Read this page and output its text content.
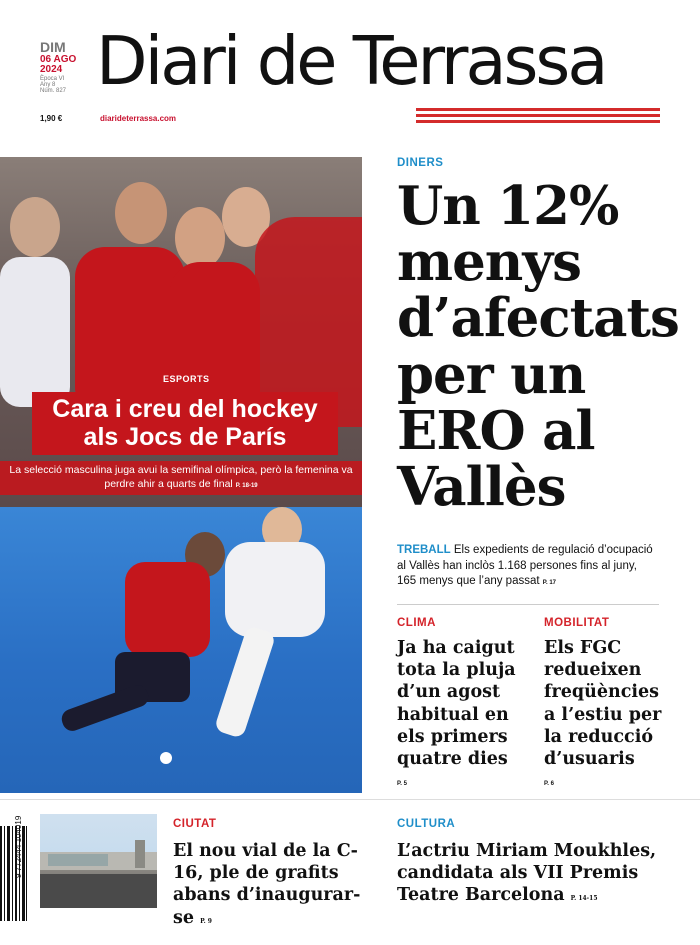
DIM
06 AGO
2024
Època VI
Any 8
Núm. 827
1,90 €
Diari de Terrassa
diarideterrassa.com
ESPORTS
Cara i creu del hockey als Jocs de París
La selecció masculina juga avui la semifinal olímpica, però la femenina va perdre ahir a quarts de final P. 18-19
DINERS
Un 12% menys d’afectats per un ERO al Vallès
TREBALL Els expedients de regulació d’ocupació al Vallès han inclòs 1.168 persones fins al juny, 165 menys que l’any passat P. 17
CLIMA
Ja ha caigut tota la pluja d’un agost habitual en els primers quatre dies
P. 5
MOBILITAT
Els FGC redueixen freqüències a l’estiu per la reducció d’usuaris
P. 6
9 772444 104019	CIUTAT
El nou vial de la C-16, ple de grafits abans d’inaugurar-se P. 9
CULTURA
L’actriu Miriam Moukhles, candidata als VII Premis Teatre Barcelona P. 14-15
